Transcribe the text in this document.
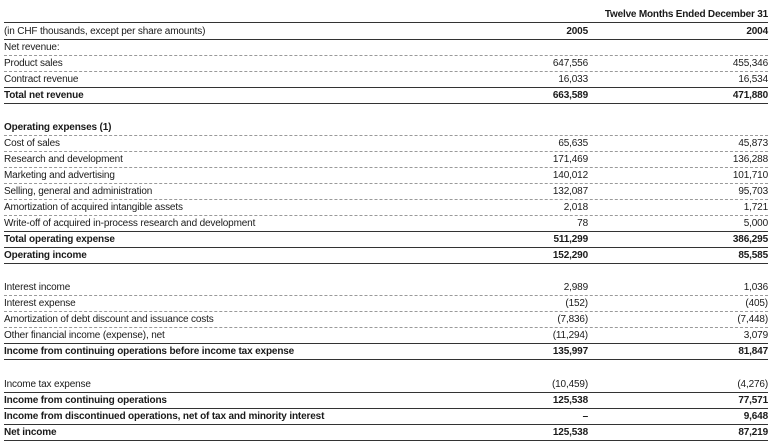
Twelve Months Ended December 31
(in CHF thousands, except per share amounts)	2005	2004
Net revenue:
Product sales	647,556	455,346
Contract revenue	16,033	16,534
Total net revenue	663,589	471,880
Operating expenses (1)
Cost of sales	65,635	45,873
Research and development	171,469	136,288
Marketing and advertising	140,012	101,710
Selling, general and administration	132,087	95,703
Amortization of acquired intangible assets	2,018	1,721
Write-off of acquired in-process research and development	78	5,000
Total operating expense	511,299	386,295
Operating income	152,290	85,585
Interest income	2,989	1,036
Interest expense	(152)	(405)
Amortization of debt discount and issuance costs	(7,836)	(7,448)
Other financial income (expense), net	(11,294)	3,079
Income from continuing operations before income tax expense	135,997	81,847
Income tax expense	(10,459)	(4,276)
Income from continuing operations	125,538	77,571
Income from discontinued operations, net of tax and minority interest	–	9,648
Net income	125,538	87,219
